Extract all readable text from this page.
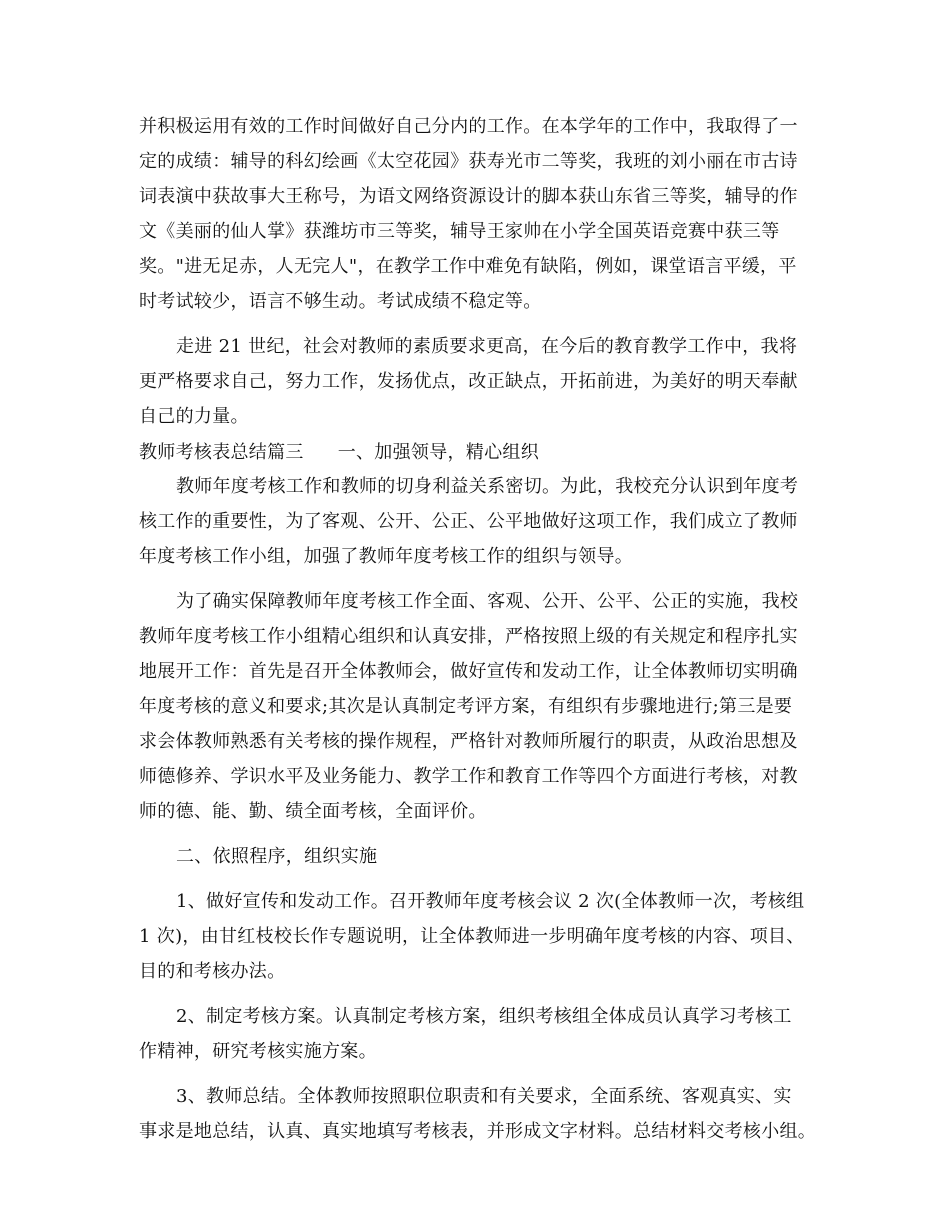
并积极运用有效的工作时间做好自己分内的工作。在本学年的工作中，我取得了一
定的成绩：辅导的科幻绘画《太空花园》获寿光市二等奖，我班的刘小丽在市古诗
词表演中获故事大王称号，为语文网络资源设计的脚本获山东省三等奖，辅导的作
文《美丽的仙人掌》获潍坊市三等奖，辅导王家帅在小学全国英语竞赛中获三等
奖。"进无足赤，人无完人"，在教学工作中难免有缺陷，例如，课堂语言平缓，平
时考试较少，语言不够生动。考试成绩不稳定等。
走进 21 世纪，社会对教师的素质要求更高，在今后的教育教学工作中，我将
更严格要求自己，努力工作，发扬优点，改正缺点，开拓前进，为美好的明天奉献
自己的力量。
教师考核表总结篇三 一、加强领导，精心组织
教师年度考核工作和教师的切身利益关系密切。为此，我校充分认识到年度考
核工作的重要性，为了客观、公开、公正、公平地做好这项工作，我们成立了教师
年度考核工作小组，加强了教师年度考核工作的组织与领导。
为了确实保障教师年度考核工作全面、客观、公开、公平、公正的实施，我校
教师年度考核工作小组精心组织和认真安排，严格按照上级的有关规定和程序扎实
地展开工作：首先是召开全体教师会，做好宣传和发动工作，让全体教师切实明确
年度考核的意义和要求;其次是认真制定考评方案，有组织有步骤地进行;第三是要
求会体教师熟悉有关考核的操作规程，严格针对教师所履行的职责，从政治思想及
师德修养、学识水平及业务能力、教学工作和教育工作等四个方面进行考核，对教
师的德、能、勤、绩全面考核，全面评价。
二、依照程序，组织实施
1、做好宣传和发动工作。召开教师年度考核会议 2 次(全体教师一次，考核组
1 次)，由甘红枝校长作专题说明，让全体教师进一步明确年度考核的内容、项目、
目的和考核办法。
2、制定考核方案。认真制定考核方案，组织考核组全体成员认真学习考核工
作精神，研究考核实施方案。
3、教师总结。全体教师按照职位职责和有关要求，全面系统、客观真实、实
事求是地总结，认真、真实地填写考核表，并形成文字材料。总结材料交考核小组。
